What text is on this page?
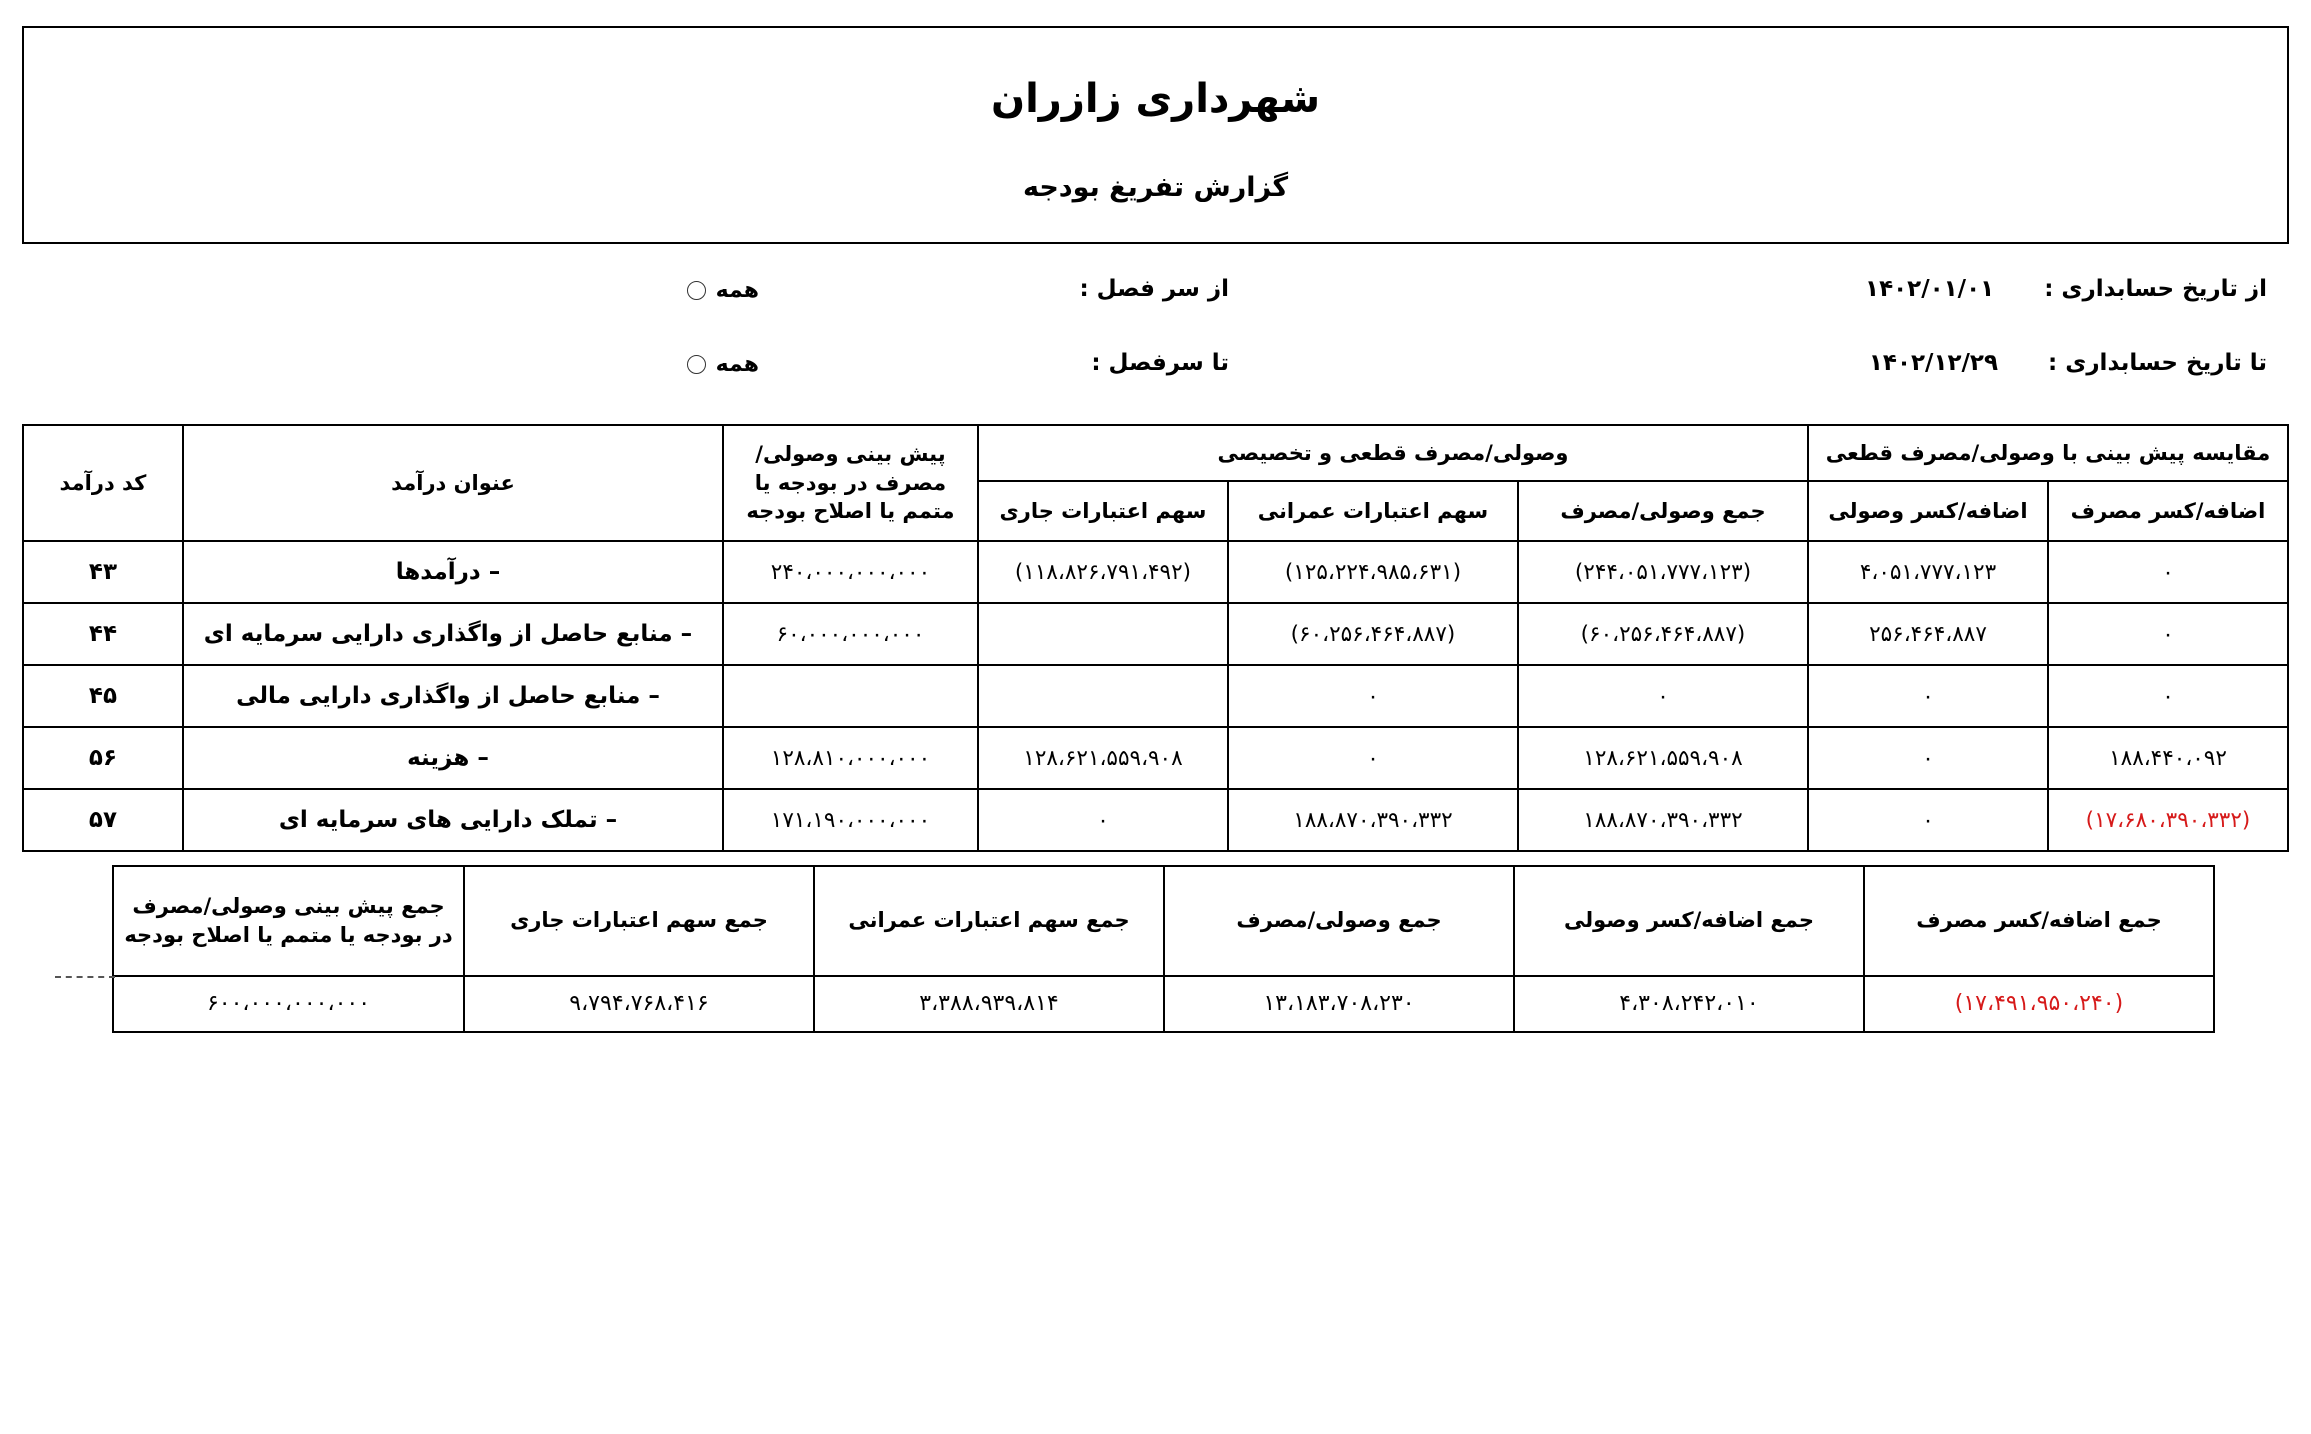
شهرداری زازران
گزارش تفریغ بودجه
از تاریخ حسابداری :  ۱۴۰۲/۰۱/۰۱
تا تاریخ حسابداری :  ۱۴۰۲/۱۲/۲۹
از سر فصل :
تا سرفصل :
همه
همه
مقایسه پیش بینی با وصولی/مصرف قطعی		وصولی/مصرف قطعی و تخصیصی			پیش بینی وصولی/مصرف در بودجه یا متمم یا اصلاح بودجه	عنوان درآمد	کد درآمد
اضافه/کسر مصرف	اضافه/کسر وصولی	جمع وصولی/مصرف	سهم اعتبارات عمرانی	سهم اعتبارات جاری			
۰	۴،۰۵۱،۷۷۷،۱۲۳	(۲۴۴،۰۵۱،۷۷۷،۱۲۳)	(۱۲۵،۲۲۴،۹۸۵،۶۳۱)	(۱۱۸،۸۲۶،۷۹۱،۴۹۲)	۲۴۰،۰۰۰،۰۰۰،۰۰۰	– درآمدها	۴۳
۰	۲۵۶،۴۶۴،۸۸۷	(۶۰،۲۵۶،۴۶۴،۸۸۷)	(۶۰،۲۵۶،۴۶۴،۸۸۷)		۶۰،۰۰۰،۰۰۰،۰۰۰	– منابع حاصل از واگذاری دارایی سرمایه ای	۴۴
۰	۰	۰	۰			– منابع حاصل از واگذاری دارایی مالی	۴۵
۱۸۸،۴۴۰،۰۹۲	۰	۱۲۸،۶۲۱،۵۵۹،۹۰۸	۰	۱۲۸،۶۲۱،۵۵۹،۹۰۸	۱۲۸،۸۱۰،۰۰۰،۰۰۰	– هزینه	۵۶
(۱۷،۶۸۰،۳۹۰،۳۳۲)	۰	۱۸۸،۸۷۰،۳۹۰،۳۳۲	۱۸۸،۸۷۰،۳۹۰،۳۳۲	۰	۱۷۱،۱۹۰،۰۰۰،۰۰۰	– تملک دارایی های سرمایه ای	۵۷
جمع اضافه/کسر مصرف	جمع اضافه/کسر وصولی	جمع وصولی/مصرف	جمع سهم اعتبارات عمرانی	جمع سهم اعتبارات جاری	جمع پیش بینی وصولی/مصرف در بودجه یا متمم یا اصلاح بودجه
(۱۷،۴۹۱،۹۵۰،۲۴۰)	۴،۳۰۸،۲۴۲،۰۱۰	۱۳،۱۸۳،۷۰۸،۲۳۰	۳،۳۸۸،۹۳۹،۸۱۴	۹،۷۹۴،۷۶۸،۴۱۶	۶۰۰،۰۰۰،۰۰۰،۰۰۰
